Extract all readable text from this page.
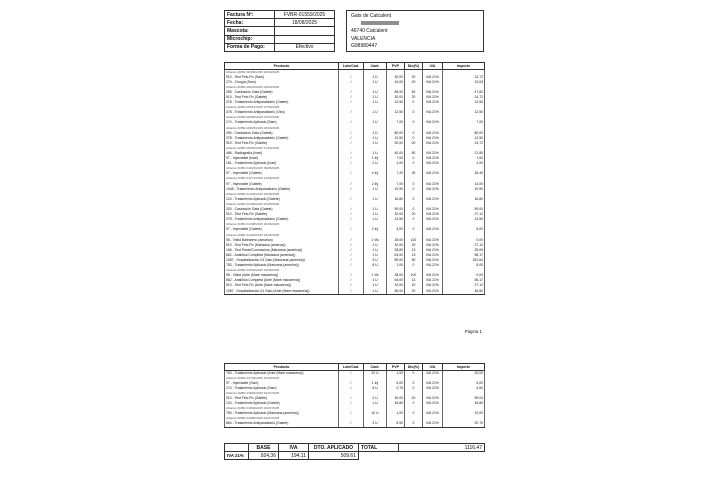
Factura Nº:	FVBR-01559/2025
Fecha:	18/08/2025
Mascota:	
Microchip:	
Forma de Pago:	Efectivo
Gats de Catcalent
46740 Catcalent
VALENCIA
G98989447
Producto	Lote/Cad.	Cant.	PVP	Dto(%)	IVA	Importe
Albarán AVBR-00452/2025 20/02/2025						
910 - Test Felv-Fiv (Sam)	/	1 U	30,00	20	IVA 21%	24,72
274 - Cirugía (Sam)	/	1 U	16,00	20	IVA 21%	13,63
Albarán AVBR-00501/2025 03/03/2025						
285 - Castración Gata (Gatete)	/	1 U	85,00	50	IVA 21%	47,82
910 - Test Felv-Fiv (Gatete)	/	1 U	30,00	20	IVA 21%	24,72
378 - Tratamiento Antiparasitario (Gatete)	/	1 U	12,50	0	IVA 21%	12,50
Albarán AVBR-00521/2025 07/03/2025						
378 - Tratamiento Antiparasitario (Otro)	/	1 U	12,50	0	IVA 21%	12,50
Albarán AVBR-00586/2025 07/03/2025						
174 - Tratamiento Aplicado (Sam)	/	1 U	7,00	0	IVA 21%	7,00
Albarán AVBR-00629/2025 03/03/2025						
250 - Castración Gata (Gatete)	/	1 U	80,00	0	IVA 21%	80,00
378 - Tratamiento Antiparasitario (Gatete)	/	1 U	12,50	0	IVA 21%	12,50
910 - Test Felv-Fiv (Gatete)	/	1 U	30,00	20	IVA 21%	24,72
Albarán AVBR-00636/2025 11/03/2025						
466 - Radiografía (Inari)	/	1 U	40,00	50	IVA 21%	21,80
97 - Inyectable (Inari)	/	1 Inj	7,00	0	IVA 21%	7,00
161 - Tratamiento Aplicado (Inari)	/	2 U	1,00	0	IVA 21%	2,00
Albarán AVBR-01023/2025 09/05/2025						
97 - Inyectable (Gatete)	/	4 Inj	7,20	30	IVA 21%	26,40
Albarán AVBR-01271/2025 14/06/2025						
97 - Inyectable (Gatete)	/	2 Inj	7,00	0	IVA 21%	14,00
1048 - Tratamiento Antiparasitario (Gatete)	/	1 U	10,90	0	IVA 21%	10,90
Albarán AVBR-01326/2025 18/06/2025						
124 - Tratamiento Aplicado (Gatete)	/	1 U	16,80	0	IVA 21%	16,80
Albarán AVBR-01396/2025 22/06/2025						
320 - Castración Gata (Gatete)	/	1 U	90,00	0	IVA 21%	90,00
910 - Test Felv-Fiv (Gatete)	/	1 U	32,00	20	IVA 21%	27,12
378 - Tratamiento Antiparasitario (Gatete)	/	1 U	12,50	0	IVA 21%	12,50
Albarán AVBR-01408/2025 15/06/2025						
97 - Inyectable (Gatete)	/	2 Inj	3,00	0	IVA 21%	6,00
Albarán AVBR-01493/2025 16/06/2025						
98 - Visita Baleareno (amarica)	/	1 Vis	28,00	100	IVA 21%	0,00
910 - Test Felv-Fiv (Manzana (amerca))	/	1 U	32,00	20	IVA 21%	27,12
166 - Test Panel/Coronavirus (Manzana (america))	/	1 U	28,80	13	IVA 21%	25,06
862 - Analítica Completa (Manzana (america))	/	1 U	64,00	13	IVA 21%	56,17
1087 - Hospitalización 24 Gato (Manzana (america))	/	3 U	89,00	50	IVA 21%	251,64
783 - Tratamiento Aplicado (Manzana (america))	/	8 U	1,00	0	IVA 21%	8,00
Albarán AVBR-01603/2025 18/08/2025						
98 - Visita (Ante (Mare macarena))	/	1 Vis	28,00	100	IVA 21%	0,00
862 - Analítica Completa (Ante (Mare macarena))	/	1 U	64,00	13	IVA 21%	56,17
910 - Test Felv-Fiv (Ante (Mare macarena))	/	1 U	32,00	20	IVA 21%	27,12
1087 - Hospitalización 24 Gato (Ante (Mare macarena))	/	1 U	56,00	20	IVA 21%	46,80
Página 1
Producto	Lote/Cad.	Cant.	PVP	Dto(%)	IVA	Importe
783 - Tratamiento Aplicado (Ante (Mare macarena))	/	20 U	1,00	0	IVA 21%	20,00
Albarán AVBR-01700/2025 10/06/2025						
97 - Inyectable (Sam)	/	1 Inj	5,00	0	IVA 21%	5,00
174 - Tratamiento Aplicado (Sam)	/	6 U	0,75	0	IVA 21%	4,50
Albarán AVBR-01802/2025 01/07/2025						
910 - Test Felv-Fiv (Gatete)	/	2 U	30,00	20	IVA 21%	59,04
124 - Tratamiento Aplicado (Gatete)	/	1 U	16,80	0	IVA 21%	16,80
Albarán AVBR-01840/2025 04/07/2025						
783 - Tratamiento Aplicado (Manzana (america))	/	10 U	1,00	0	IVA 21%	10,00
Albarán AVBR-01880/2025 04/07/2025						
864 - Tratamiento Antiparasitario (Gatete)	/	3 U	6,90	0	IVA 21%	20,70
	BASE	IVA	DTO. APLICADO	TOTAL	1116,47
IVA 21%	924,36	194,11	509,61		
